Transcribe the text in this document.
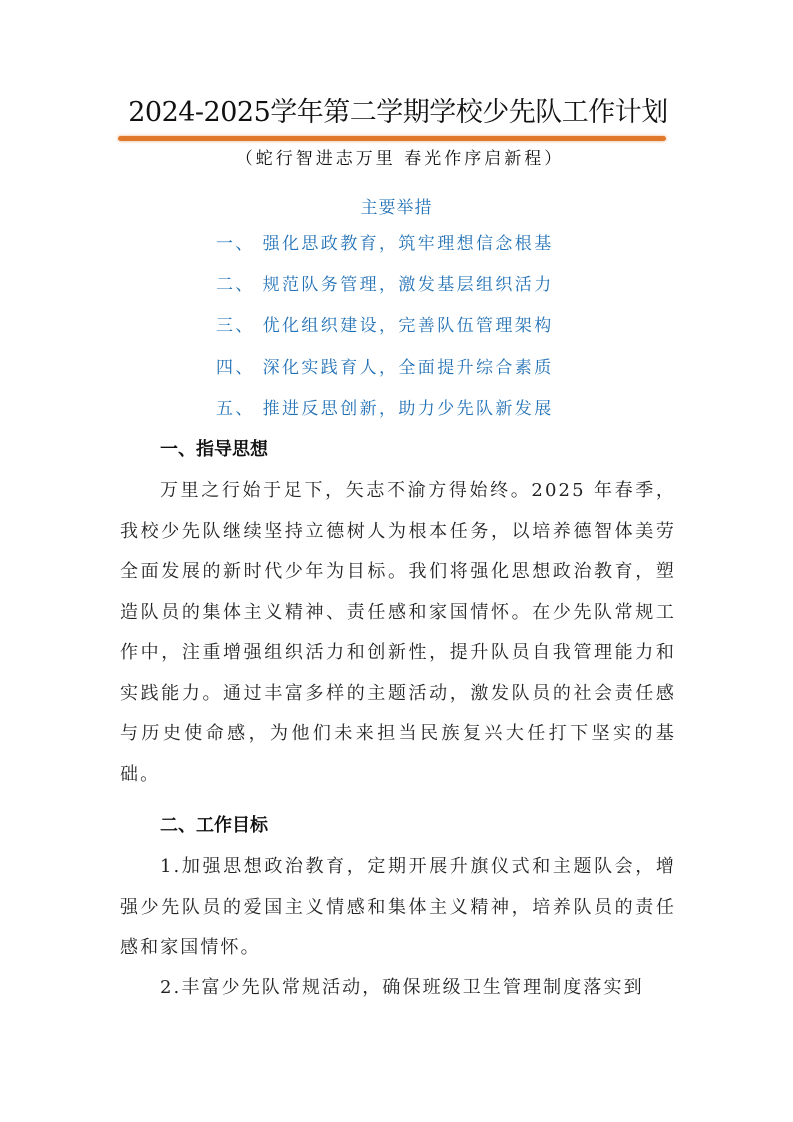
2024-2025学年第二学期学校少先队工作计划
（蛇行智进志万里 春光作序启新程）
主要举措
一、 强化思政教育，筑牢理想信念根基
二、 规范队务管理，激发基层组织活力
三、 优化组织建设，完善队伍管理架构
四、 深化实践育人，全面提升综合素质
五、 推进反思创新，助力少先队新发展
一、指导思想
万里之行始于足下，矢志不渝方得始终。2025 年春季，我校少先队继续坚持立德树人为根本任务，以培养德智体美劳全面发展的新时代少年为目标。我们将强化思想政治教育，塑造队员的集体主义精神、责任感和家国情怀。在少先队常规工作中，注重增强组织活力和创新性，提升队员自我管理能力和实践能力。通过丰富多样的主题活动，激发队员的社会责任感与历史使命感，为他们未来担当民族复兴大任打下坚实的基础。
二、工作目标
1.加强思想政治教育，定期开展升旗仪式和主题队会，增强少先队员的爱国主义情感和集体主义精神，培养队员的责任感和家国情怀。
2.丰富少先队常规活动，确保班级卫生管理制度落实到
